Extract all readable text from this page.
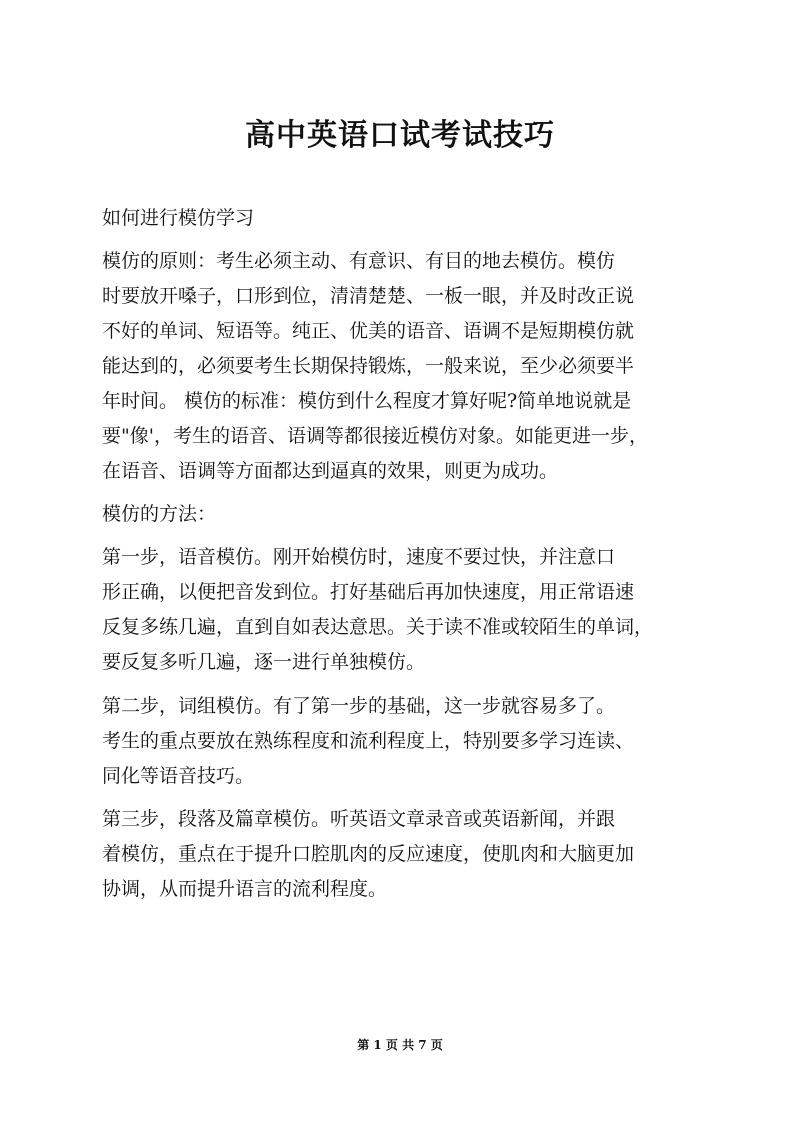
高中英语口试考试技巧
如何进行模仿学习
模仿的原则：考生必须主动、有意识、有目的地去模仿。模仿
时要放开嗓子，口形到位，清清楚楚、一板一眼，并及时改正说
不好的单词、短语等。纯正、优美的语音、语调不是短期模仿就
能达到的，必须要考生长期保持锻炼，一般来说，至少必须要半
年时间。 模仿的标准：模仿到什么程度才算好呢?简单地说就是
要"像'，考生的语音、语调等都很接近模仿对象。如能更进一步，
在语音、语调等方面都达到逼真的效果，则更为成功。
模仿的方法：
第一步，语音模仿。刚开始模仿时，速度不要过快，并注意口
形正确，以便把音发到位。打好基础后再加快速度，用正常语速
反复多练几遍，直到自如表达意思。关于读不准或较陌生的单词，
要反复多听几遍，逐一进行单独模仿。
第二步，词组模仿。有了第一步的基础，这一步就容易多了。
考生的重点要放在熟练程度和流利程度上，特别要多学习连读、
同化等语音技巧。
第三步，段落及篇章模仿。听英语文章录音或英语新闻，并跟
着模仿，重点在于提升口腔肌肉的反应速度，使肌肉和大脑更加
协调，从而提升语言的流利程度。
第 1 页 共 7 页
